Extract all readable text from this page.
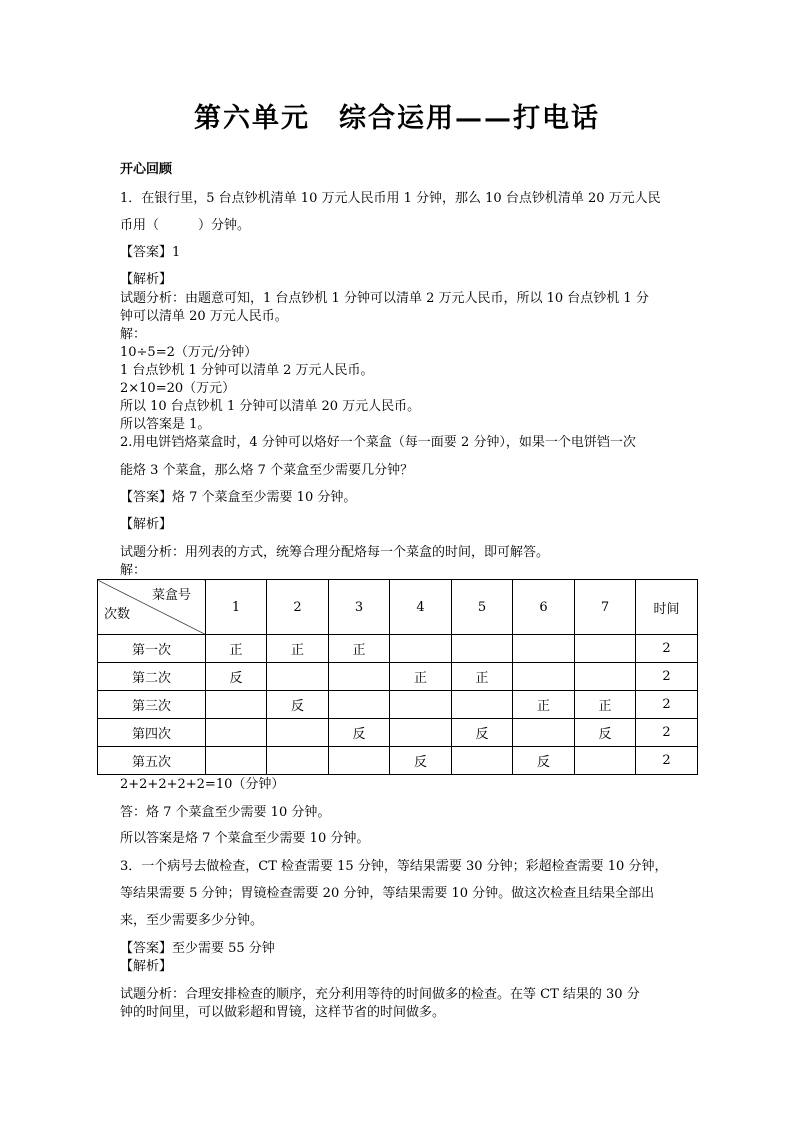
第六单元　综合运用——打电话
开心回顾
1．在银行里，5 台点钞机清单 10 万元人民币用 1 分钟，那么 10 台点钞机清单 20 万元人民
币用（　　　）分钟。
【答案】1
【解析】
试题分析：由题意可知，1 台点钞机 1 分钟可以清单 2 万元人民币，所以 10 台点钞机 1 分
钟可以清单 20 万元人民币。
解：
10÷5=2（万元/分钟）
1 台点钞机 1 分钟可以清单 2 万元人民币。
2×10=20（万元）
所以 10 台点钞机 1 分钟可以清单 20 万元人民币。
所以答案是 1。
2.用电饼铛烙菜盒时，4 分钟可以烙好一个菜盒（每一面要 2 分钟），如果一个电饼铛一次
能烙 3 个菜盒，那么烙 7 个菜盒至少需要几分钟？
【答案】烙 7 个菜盒至少需要 10 分钟。
【解析】
试题分析：用列表的方式，统筹合理分配烙每一个菜盒的时间，即可解答。
解：
2+2+2+2+2=10（分钟）
答：烙 7 个菜盒至少需要 10 分钟。
所以答案是烙 7 个菜盒至少需要 10 分钟。
3．一个病号去做检查，CT 检查需要 15 分钟，等结果需要 30 分钟；彩超检查需要 10 分钟，
等结果需要 5 分钟；胃镜检查需要 20 分钟，等结果需要 10 分钟。做这次检查且结果全部出
来，至少需要多少分钟。
【答案】至少需要 55 分钟
【解析】
试题分析：合理安排检查的顺序，充分利用等待的时间做多的检查。在等 CT 结果的 30 分
钟的时间里，可以做彩超和胃镜，这样节省的时间做多。
菜盒号
次数	1	2	3	4	5	6	7	时间
第一次	正	正	正					2
第二次	反			正	正			2
第三次		反				正	正	2
第四次			反		反		反	2
第五次				反		反		2
